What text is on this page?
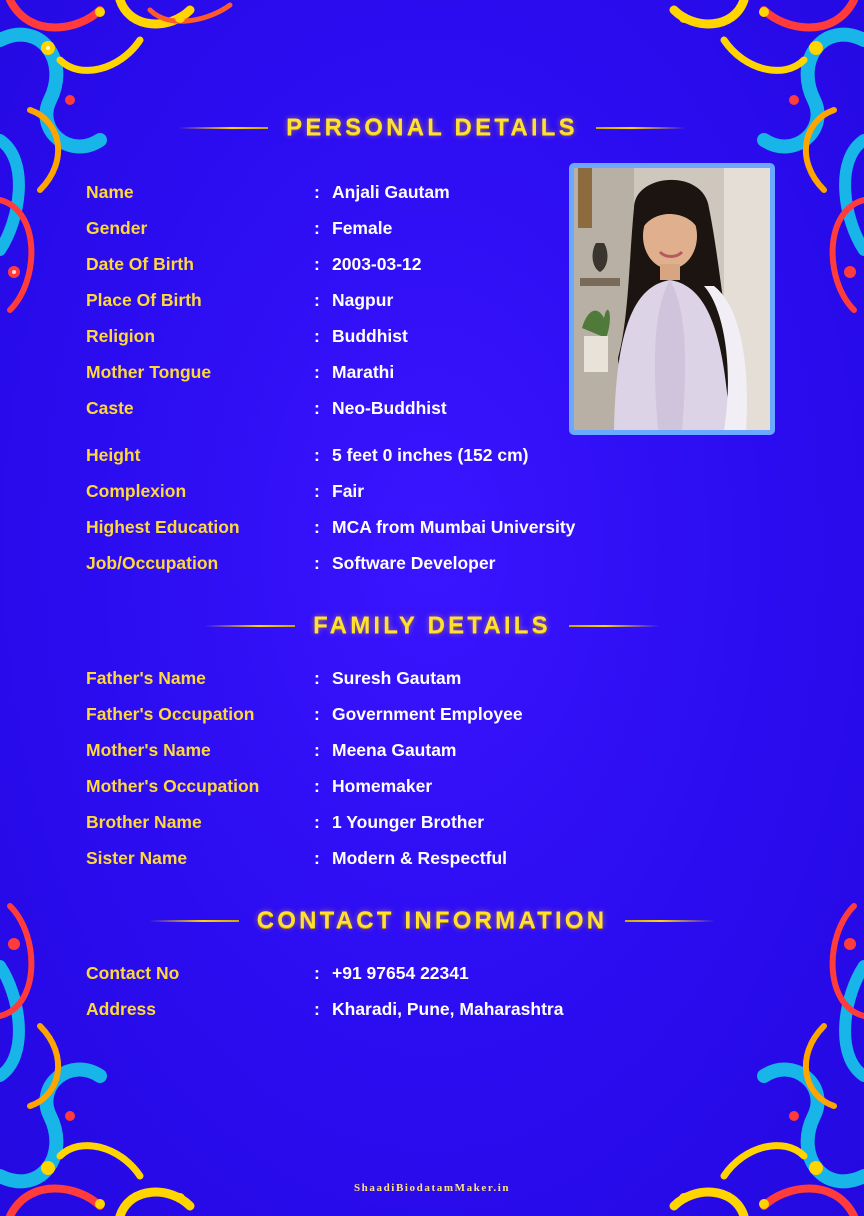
PERSONAL DETAILS
Name	: Anjali Gautam
Gender	: Female
Date Of Birth	: 2003-03-12
Place Of Birth	: Nagpur
Religion	: Buddhist
Mother Tongue	: Marathi
Caste	: Neo-Buddhist
Height	: 5 feet 0 inches (152 cm)
Complexion	: Fair
Highest Education	: MCA from Mumbai University
Job/Occupation	: Software Developer
FAMILY DETAILS
Father's Name	: Suresh Gautam
Father's Occupation	: Government Employee
Mother's Name	: Meena Gautam
Mother's Occupation	: Homemaker
Brother Name	: 1 Younger Brother
Sister Name	: Modern & Respectful
CONTACT INFORMATION
Contact No	: +91 97654 22341
Address	: Kharadi, Pune, Maharashtra
ShaadiBiodatamMaker.in
